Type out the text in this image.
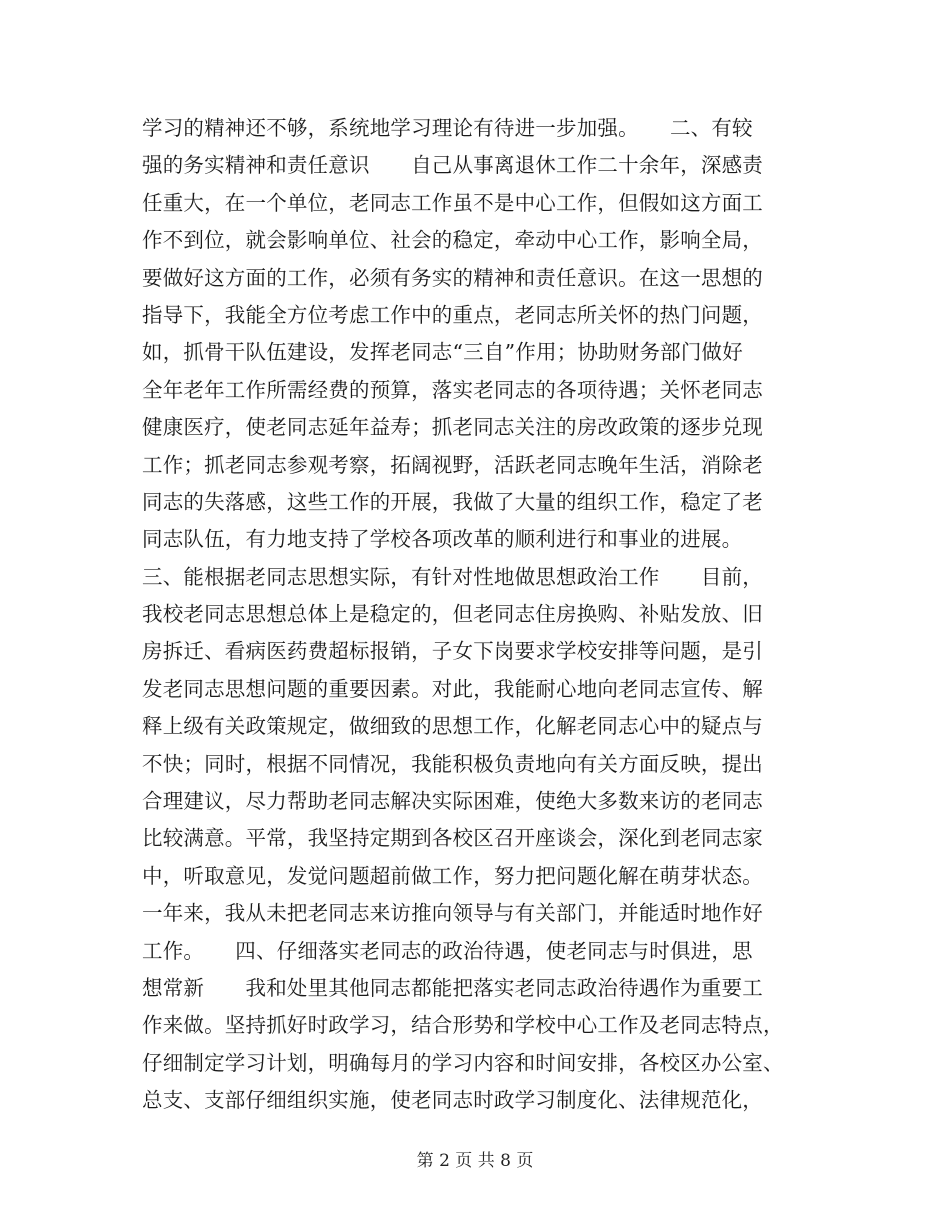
学习的精神还不够，系统地学习理论有待进一步加强。　　二、有较
强的务实精神和责任意识　　自己从事离退休工作二十余年，深感责
任重大，在一个单位，老同志工作虽不是中心工作，但假如这方面工
作不到位，就会影响单位、社会的稳定，牵动中心工作，影响全局，
要做好这方面的工作，必须有务实的精神和责任意识。在这一思想的
指导下，我能全方位考虑工作中的重点，老同志所关怀的热门问题，
如，抓骨干队伍建设，发挥老同志“三自”作用；协助财务部门做好
全年老年工作所需经费的预算，落实老同志的各项待遇；关怀老同志
健康医疗，使老同志延年益寿；抓老同志关注的房改政策的逐步兑现
工作；抓老同志参观考察，拓阔视野，活跃老同志晚年生活，消除老
同志的失落感，这些工作的开展，我做了大量的组织工作，稳定了老
同志队伍，有力地支持了学校各项改革的顺利进行和事业的进展。
三、能根据老同志思想实际，有针对性地做思想政治工作　　目前，
我校老同志思想总体上是稳定的，但老同志住房换购、补贴发放、旧
房拆迁、看病医药费超标报销，子女下岗要求学校安排等问题，是引
发老同志思想问题的重要因素。对此，我能耐心地向老同志宣传、解
释上级有关政策规定，做细致的思想工作，化解老同志心中的疑点与
不快；同时，根据不同情况，我能积极负责地向有关方面反映，提出
合理建议，尽力帮助老同志解决实际困难，使绝大多数来访的老同志
比较满意。平常，我坚持定期到各校区召开座谈会，深化到老同志家
中，听取意见，发觉问题超前做工作，努力把问题化解在萌芽状态。
一年来，我从未把老同志来访推向领导与有关部门，并能适时地作好
工作。　　四、仔细落实老同志的政治待遇，使老同志与时俱进，思
想常新　　我和处里其他同志都能把落实老同志政治待遇作为重要工
作来做。坚持抓好时政学习，结合形势和学校中心工作及老同志特点，
仔细制定学习计划，明确每月的学习内容和时间安排，各校区办公室、
总支、支部仔细组织实施，使老同志时政学习制度化、法律规范化，
第 2 页 共 8 页
